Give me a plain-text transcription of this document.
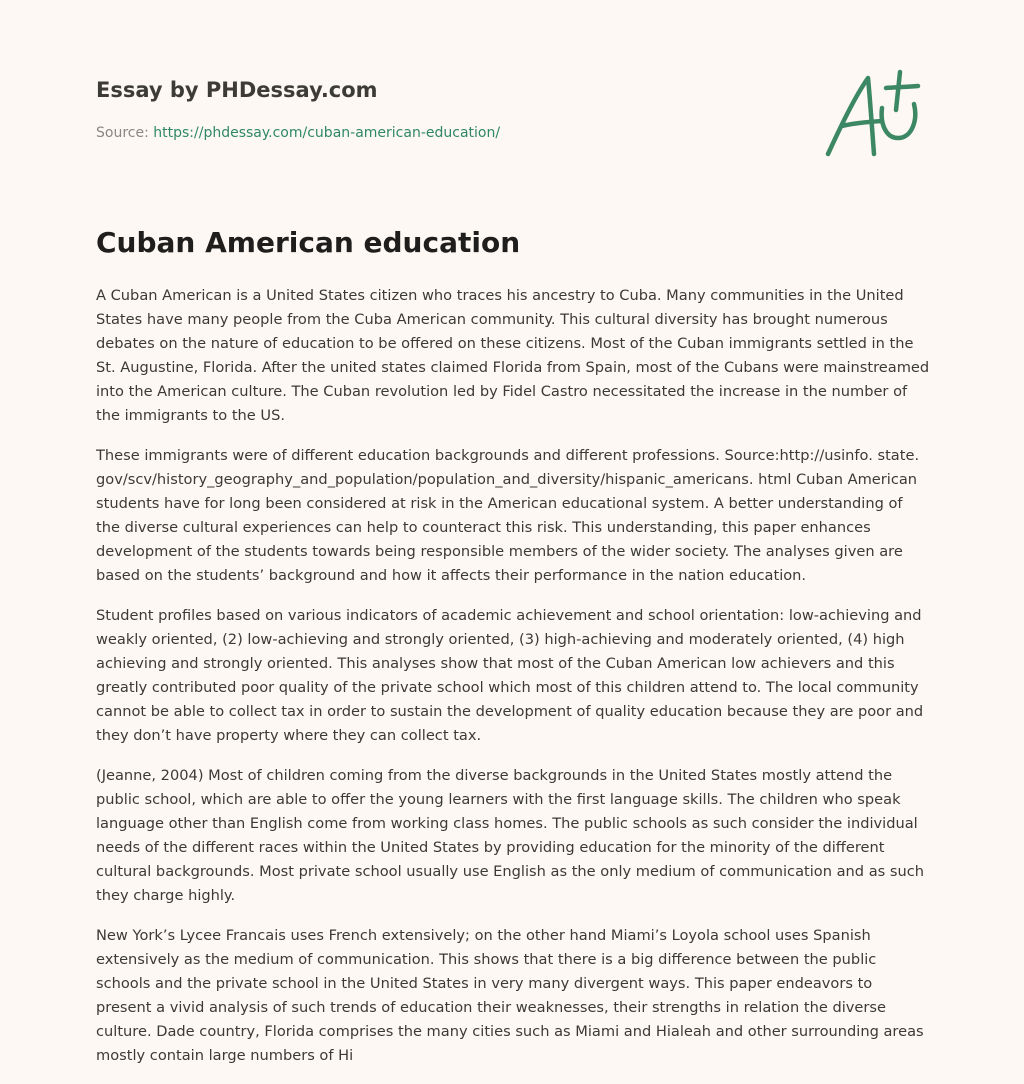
Essay by PHDessay.com
Source: https://phdessay.com/cuban-american-education/
Cuban American education

A Cuban American is a United States citizen who traces his ancestry to Cuba. Many communities in the United States have many people from the Cuba American community. This cultural diversity has brought numerous debates on the nature of education to be offered on these citizens. Most of the Cuban immigrants settled in the St. Augustine, Florida. After the united states claimed Florida from Spain, most of the Cubans were mainstreamed into the American culture. The Cuban revolution led by Fidel Castro necessitated the increase in the number of the immigrants to the US.

These immigrants were of different education backgrounds and different professions. Source:http://usinfo. state. gov/scv/history_geography_and_population/population_and_diversity/hispanic_americans. html Cuban American students have for long been considered at risk in the American educational system. A better understanding of the diverse cultural experiences can help to counteract this risk. This understanding, this paper enhances development of the students towards being responsible members of the wider society. The analyses given are based on the students’ background and how it affects their performance in the nation education.

Student profiles based on various indicators of academic achievement and school orientation: low-achieving and weakly oriented, (2) low-achieving and strongly oriented, (3) high-achieving and moderately oriented, (4) high achieving and strongly oriented. This analyses show that most of the Cuban American low achievers and this greatly contributed poor quality of the private school which most of this children attend to. The local community cannot be able to collect tax in order to sustain the development of quality education because they are poor and they don’t have property where they can collect tax.

(Jeanne, 2004) Most of children coming from the diverse backgrounds in the United States mostly attend the public school, which are able to offer the young learners with the first language skills. The children who speak language other than English come from working class homes. The public schools as such consider the individual needs of the different races within the United States by providing education for the minority of the different cultural backgrounds. Most private school usually use English as the only medium of communication and as such they charge highly.

New York’s Lycee Francais uses French extensively; on the other hand Miami’s Loyola school uses Spanish extensively as the medium of communication. This shows that there is a big difference between the public schools and the private school in the United States in very many divergent ways. This paper endeavors to present a vivid analysis of such trends of education their weaknesses, their strengths in relation the diverse culture. Dade country, Florida comprises the many cities such as Miami and Hialeah and other surrounding areas mostly contain large numbers of Hi
